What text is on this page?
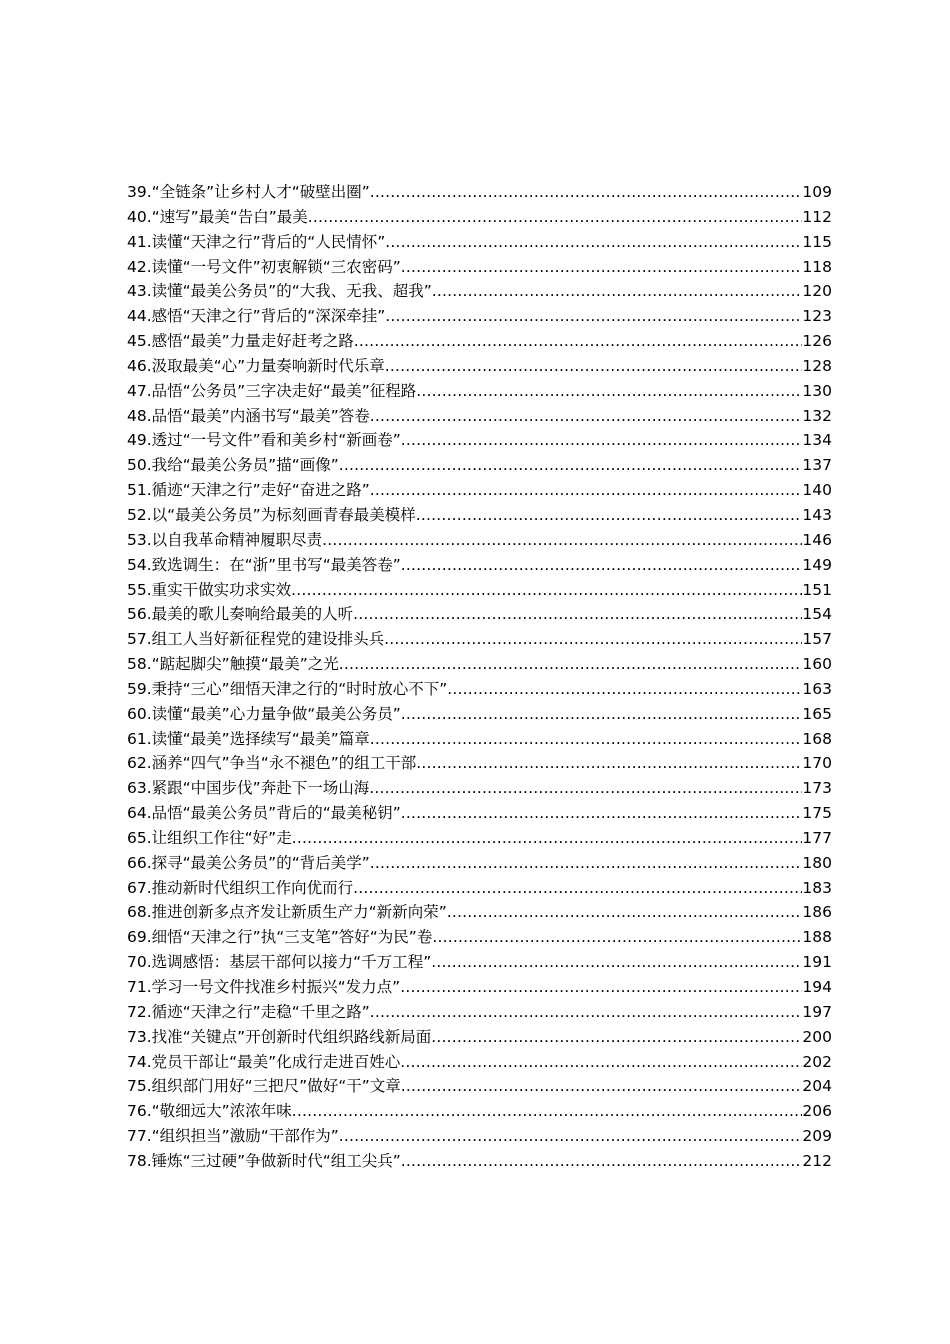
39. “全链条”让乡村人才“破壁出圈” .....	109
40. “速写”最美“告白”最美 .....	112
41. 读懂“天津之行”背后的“人民情怀” .....	115
42. 读懂“一号文件”初衷解锁“三农密码” .....	118
43. 读懂“最美公务员”的“大我、无我、超我” .....	120
44. 感悟“天津之行”背后的“深深牵挂” .....	123
45. 感悟“最美”力量走好赶考之路 .....	126
46. 汲取最美“心”力量奏响新时代乐章 .....	128
47. 品悟“公务员”三字决走好“最美”征程路 .....	130
48. 品悟“最美”内涵书写“最美”答卷 .....	132
49. 透过“一号文件”看和美乡村“新画卷” .....	134
50. 我给“最美公务员”描“画像” .....	137
51. 循迹“天津之行”走好“奋进之路” .....	140
52. 以“最美公务员”为标刻画青春最美模样 .....	143
53. 以自我革命精神履职尽责 .....	146
54. 致选调生：在“浙”里书写“最美答卷” .....	149
55. 重实干做实功求实效 .....	151
56. 最美的歌儿奏响给最美的人听 .....	154
57. 组工人当好新征程党的建设排头兵 .....	157
58. “踮起脚尖”触摸“最美”之光 .....	160
59. 秉持“三心”细悟天津之行的“时时放心不下” .....	163
60. 读懂“最美”心力量争做“最美公务员” .....	165
61. 读懂“最美”选择续写“最美”篇章 .....	168
62. 涵养“四气”争当“永不褪色”的组工干部 .....	170
63. 紧跟“中国步伐”奔赴下一场山海 .....	173
64. 品悟“最美公务员”背后的“最美秘钥” .....	175
65. 让组织工作往“好”走 .....	177
66. 探寻“最美公务员”的“背后美学” .....	180
67. 推动新时代组织工作向优而行 .....	183
68. 推进创新多点齐发让新质生产力“新新向荣” .....	186
69. 细悟“天津之行”执“三支笔”答好“为民”卷 .....	188
70. 选调感悟：基层干部何以接力“千万工程” .....	191
71. 学习一号文件找准乡村振兴“发力点” .....	194
72. 循迹“天津之行”走稳“千里之路” .....	197
73. 找准“关键点”开创新时代组织路线新局面 .....	200
74. 党员干部让“最美”化成行走进百姓心 .....	202
75. 组织部门用好“三把尺”做好“干”文章 .....	204
76. “敬细远大”浓浓年味 .....	206
77. “组织担当”激励“干部作为” .....	209
78. 锤炼“三过硬”争做新时代“组工尖兵” .....	212
